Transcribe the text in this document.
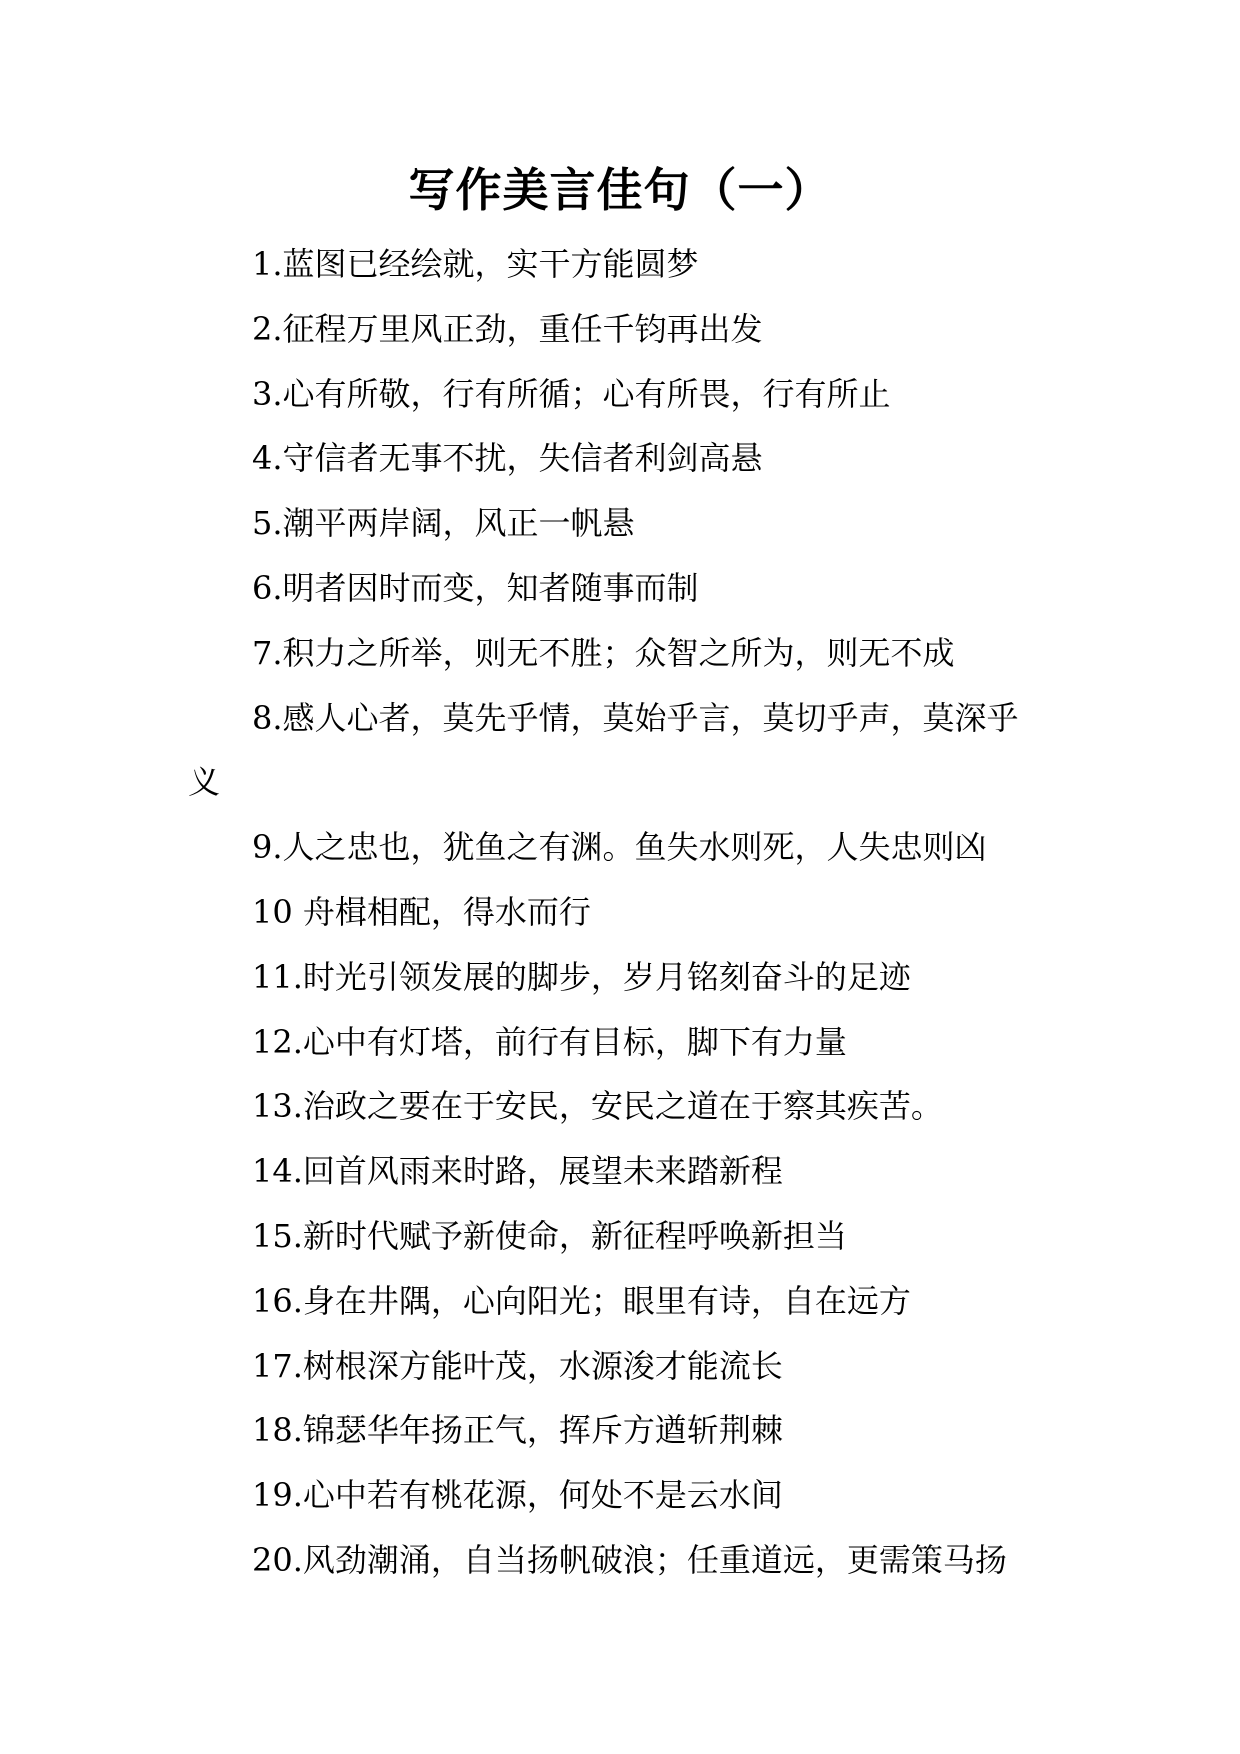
写作美言佳句（一）
1.蓝图已经绘就，实干方能圆梦
2.征程万里风正劲，重任千钧再出发
3.心有所敬，行有所循；心有所畏，行有所止
4.守信者无事不扰，失信者利剑高悬
5.潮平两岸阔，风正一帆悬
6.明者因时而变，知者随事而制
7.积力之所举，则无不胜；众智之所为，则无不成
8.感人心者，莫先乎情，莫始乎言，莫切乎声，莫深乎
义
9.人之忠也，犹鱼之有渊。鱼失水则死，人失忠则凶
10 舟楫相配，得水而行
11.时光引领发展的脚步，岁月铭刻奋斗的足迹
12.心中有灯塔，前行有目标，脚下有力量
13.治政之要在于安民，安民之道在于察其疾苦。
14.回首风雨来时路，展望未来踏新程
15.新时代赋予新使命，新征程呼唤新担当
16.身在井隅，心向阳光；眼里有诗，自在远方
17.树根深方能叶茂，水源浚才能流长
18.锦瑟华年扬正气，挥斥方遒斩荆棘
19.心中若有桃花源，何处不是云水间
20.风劲潮涌，自当扬帆破浪；任重道远，更需策马扬
